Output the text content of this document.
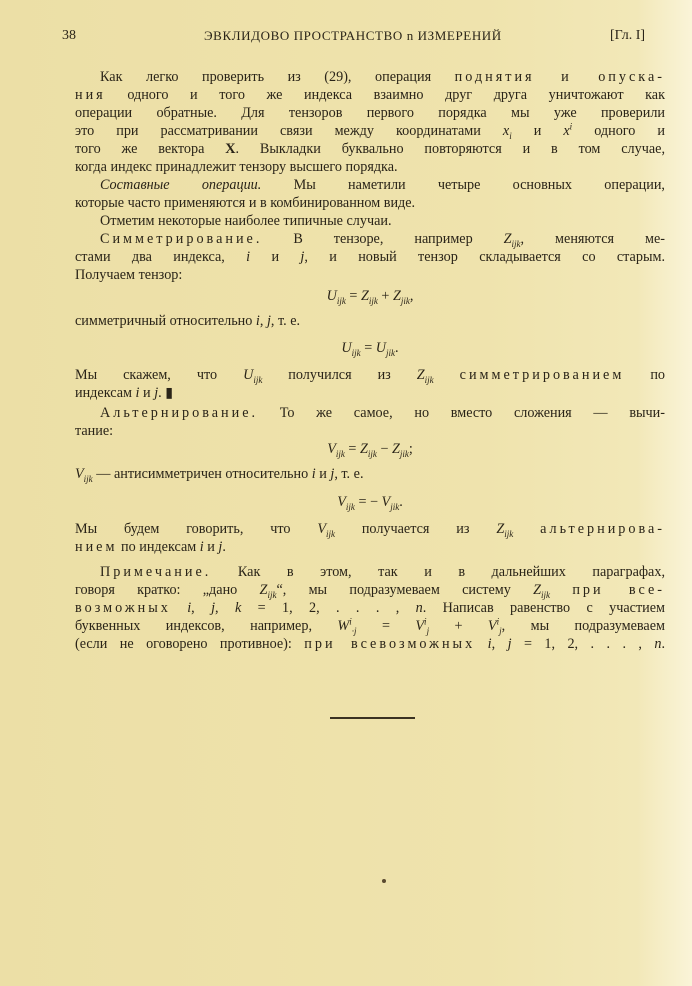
38	ЭВКЛИДОВО ПРОСТРАНСТВО n ИЗМЕРЕНИЙ	[Гл. I]
Как легко проверить из (29), операция поднятия и опуска-
ния одного и того же индекса взаимно друг друга уничтожают как
операции обратные. Для тензоров первого порядка мы уже проверили
это при рассматривании связи между координатами $x_i$ и $x^i$ одного и
того же вектора X. Выкладки буквально повторяются и в том случае,
когда индекс принадлежит тензору высшего порядка.
Составные операции. Мы наметили четыре основных операции,
которые часто применяются и в комбинированном виде.
Отметим некоторые наиболее типичные случаи.
Симметрирование. В тензоре, например $Z_{ijk}$, меняются ме-
стами два индекса, i и j, и новый тензор складывается со старым.
Получаем тензор:
$U_{ijk} = Z_{ijk} + Z_{jik}$,
симметричный относительно i, j, т. е.
$U_{ijk} = U_{jik}$.
Мы скажем, что $U_{ijk}$ получился из $Z_{ijk}$ симметрированием по
индексам i и j. ▮
Альтернирование. То же самое, но вместо сложения — вычи-
тание:
$V_{ijk} = Z_{ijk} - Z_{jik}$;
$V_{ijk}$ — антисимметричен относительно i и j, т. е.
$V_{ijk}$ = − $V_{jik}$.
Мы будем говорить, что $V_{ijk}$ получается из $Z_{ijk}$ альтернирова-
нием по индексам i и j.
Примечание. Как в этом, так и в дальнейших параграфах,
говоря кратко: „дано $Z_{ijk}“$, мы подразумеваем систему $Z_{ijk}$ при все-
возможных i, j, k = 1, 2, . . . , n. Написав равенство с участием
буквенных индексов, например, $W^i_{\cdot j} = V^i_j + V^i_j$, мы подразумеваем
(если не оговорено противное): при всевозможных i, j = 1, 2, . . . , n.
